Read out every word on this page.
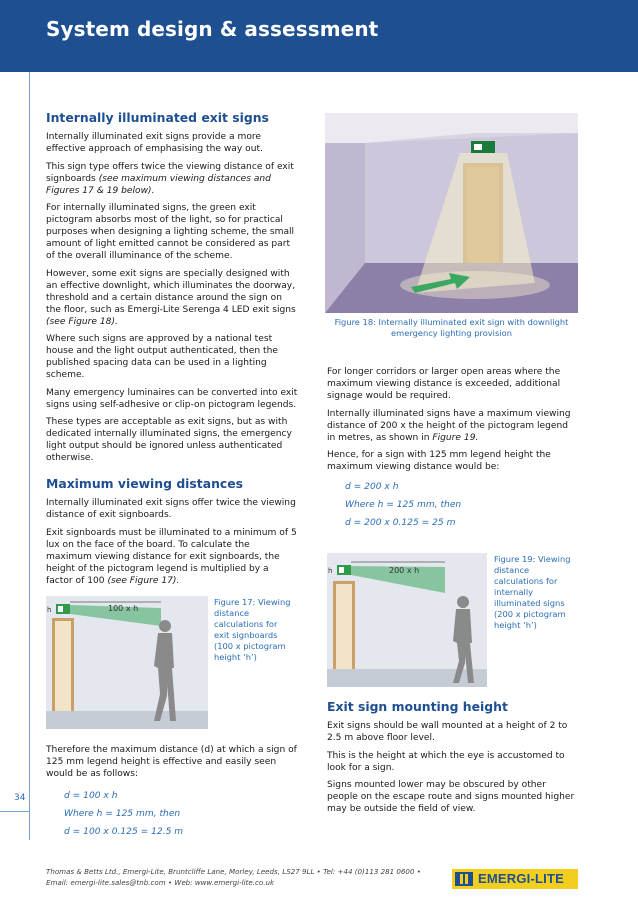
System design & assessment
34
Internally illuminated exit signs

Internally illuminated exit signs provide a more effective approach of emphasising the way out.

This sign type offers twice the viewing distance of exit signboards (see maximum viewing distances and Figures 17 & 19 below).

For internally illuminated signs, the green exit pictogram absorbs most of the light, so for practical purposes when designing a lighting scheme, the small amount of light emitted cannot be considered as part of the overall illuminance of the scheme.

However, some exit signs are specially designed with an effective downlight, which illuminates the doorway, threshold and a certain distance around the sign on the floor, such as Emergi-Lite Serenga 4 LED exit signs (see Figure 18).

Where such signs are approved by a national test house and the light output authenticated, then the published spacing data can be used in a lighting scheme.

Many emergency luminaires can be converted into exit signs using self-adhesive or clip-on pictogram legends.

These types are acceptable as exit signs, but as with dedicated internally illuminated signs, the emergency light output should be ignored unless authenticated otherwise.

Maximum viewing distances

Internally illuminated exit signs offer twice the viewing distance of exit signboards.

Exit signboards must be illuminated to a minimum of 5 lux on the face of the board. To calculate the maximum viewing distance for exit signboards, the height of the pictogram legend is multiplied by a factor of 100 (see Figure 17).

Figure 18: Internally illuminated exit sign with downlight emergency lighting provision
100 x h
h
Figure 17: Viewing distance calculations for exit signboards (100 x pictogram height ‘h’)

Therefore the maximum distance (d) at which a sign of 125 mm legend height is effective and easily seen would be as follows:

d = 100 x h
Where h = 125 mm, then
d = 100 x 0.125 = 12.5 m

For longer corridors or larger open areas where the maximum viewing distance is exceeded, additional signage would be required.

Internally illuminated signs have a maximum viewing distance of 200 x the height of the pictogram legend in metres, as shown in Figure 19.

Hence, for a sign with 125 mm legend height the maximum viewing distance would be:

d = 200 x h
Where h = 125 mm, then
d = 200 x 0.125 = 25 m
200 x h
h
Figure 19: Viewing distance calculations for internally illuminated signs (200 x pictogram height ‘h’)
Exit sign mounting height

Exit signs should be wall mounted at a height of 2 to 2.5 m above floor level.

This is the height at which the eye is accustomed to look for a sign.

Signs mounted lower may be obscured by other people on the escape route and signs mounted higher may be outside the field of view.

Thomas & Betts Ltd., Emergi-Lite, Bruntcliffe Lane, Morley, Leeds, LS27 9LL • Tel: +44 (0)113 281 0600 •
Email: emergi-lite.sales@tnb.com • Web: www.emergi-lite.co.uk	EMERGI-LITE
